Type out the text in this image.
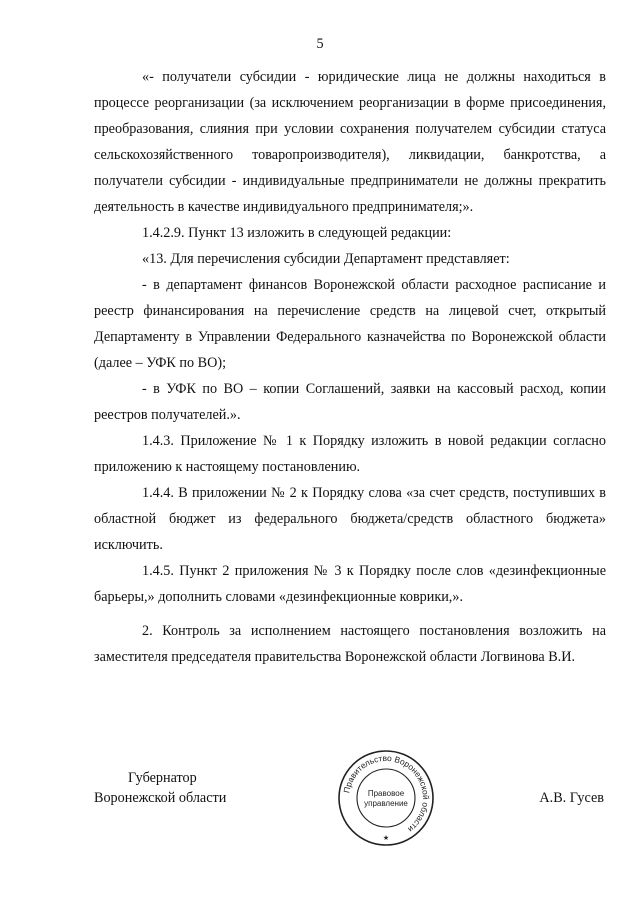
5

«- получатели субсидии - юридические лица не должны находиться в процессе реорганизации (за исключением реорганизации в форме присоединения, преобразования, слияния при условии сохранения получателем субсидии статуса сельскохозяйственного товаропроизводителя), ликвидации, банкротства, а получатели субсидии - индивидуальные предприниматели не должны прекратить деятельность в качестве индивидуального предпринимателя;».

1.4.2.9. Пункт 13 изложить в следующей редакции:

«13. Для перечисления субсидии Департамент представляет:

- в департамент финансов Воронежской области расходное расписание и реестр финансирования на перечисление средств на лицевой счет, открытый Департаменту в Управлении Федерального казначейства по Воронежской области (далее – УФК по ВО);

- в УФК по ВО – копии Соглашений, заявки на кассовый расход, копии реестров получателей.».

1.4.3. Приложение № 1 к Порядку изложить в новой редакции согласно приложению к настоящему постановлению.

1.4.4. В приложении № 2 к Порядку слова «за счет средств, поступивших в областной бюджет из федерального бюджета/средств областного бюджета» исключить.

1.4.5. Пункт 2 приложения № 3 к Порядку после слов «дезинфекционные барьеры,» дополнить словами «дезинфекционные коврики,».

2. Контроль за исполнением настоящего постановления возложить на заместителя председателя правительства Воронежской области Логвинова В.И.

Губернатор
Воронежской области
Правительство Воронежской области
Правовое
управление
★
А.В. Гусев
